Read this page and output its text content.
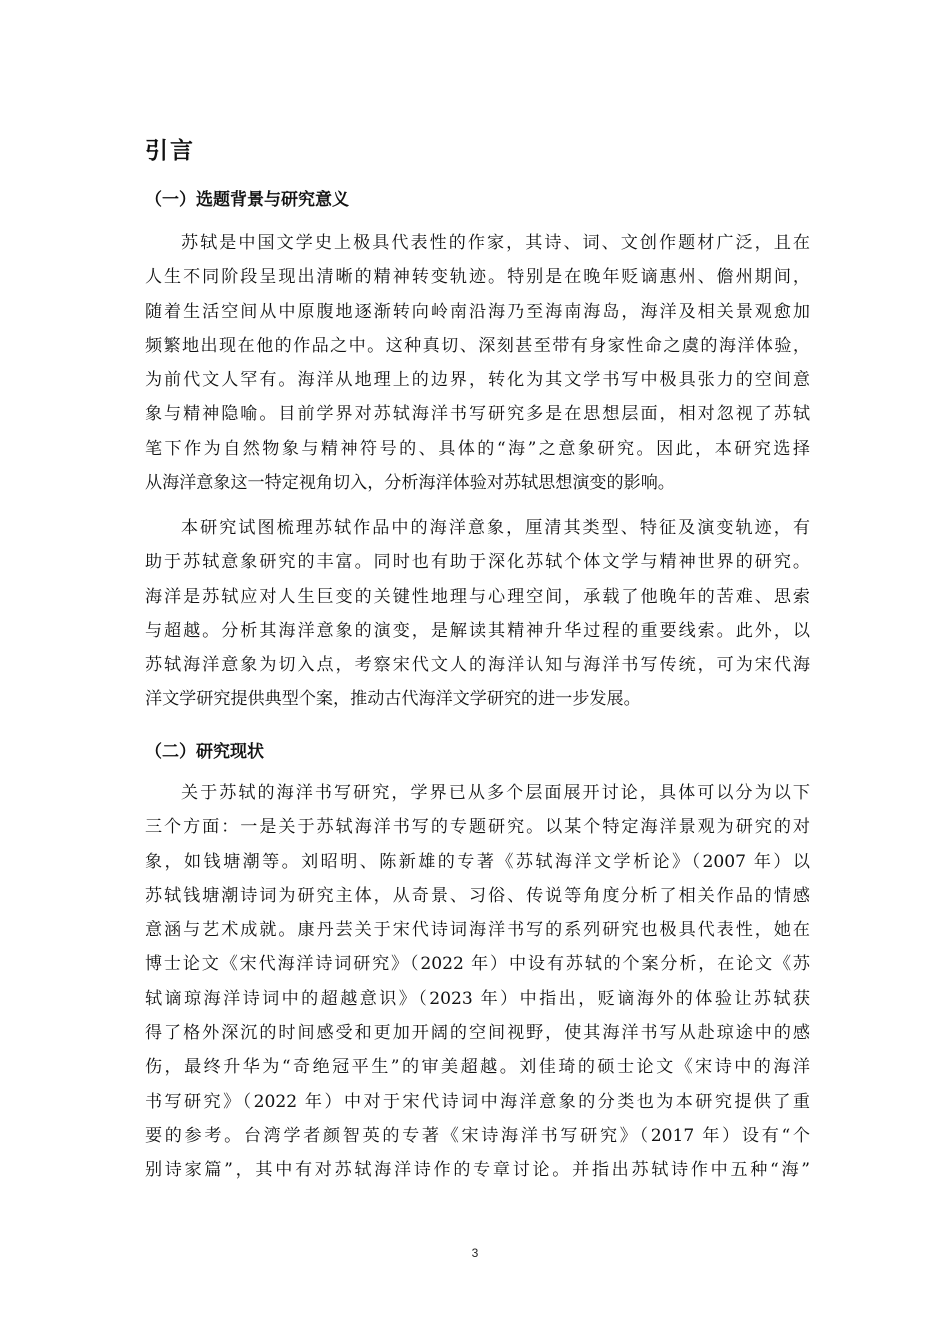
引言
（一）选题背景与研究意义
苏轼是中国文学史上极具代表性的作家，其诗、词、文创作题材广泛，且在
人生不同阶段呈现出清晰的精神转变轨迹。特别是在晚年贬谪惠州、儋州期间，
随着生活空间从中原腹地逐渐转向岭南沿海乃至海南海岛，海洋及相关景观愈加
频繁地出现在他的作品之中。这种真切、深刻甚至带有身家性命之虞的海洋体验，
为前代文人罕有。海洋从地理上的边界，转化为其文学书写中极具张力的空间意
象与精神隐喻。目前学界对苏轼海洋书写研究多是在思想层面，相对忽视了苏轼
笔下作为自然物象与精神符号的、具体的“海”之意象研究。因此，本研究选择
从海洋意象这一特定视角切入，分析海洋体验对苏轼思想演变的影响。
本研究试图梳理苏轼作品中的海洋意象，厘清其类型、特征及演变轨迹，有
助于苏轼意象研究的丰富。同时也有助于深化苏轼个体文学与精神世界的研究。
海洋是苏轼应对人生巨变的关键性地理与心理空间，承载了他晚年的苦难、思索
与超越。分析其海洋意象的演变，是解读其精神升华过程的重要线索。此外，以
苏轼海洋意象为切入点，考察宋代文人的海洋认知与海洋书写传统，可为宋代海
洋文学研究提供典型个案，推动古代海洋文学研究的进一步发展。
（二）研究现状
关于苏轼的海洋书写研究，学界已从多个层面展开讨论，具体可以分为以下
三个方面：一是关于苏轼海洋书写的专题研究。以某个特定海洋景观为研究的对
象，如钱塘潮等。刘昭明、陈新雄的专著《苏轼海洋文学析论》（2007 年）以
苏轼钱塘潮诗词为研究主体，从奇景、习俗、传说等角度分析了相关作品的情感
意涵与艺术成就。康丹芸关于宋代诗词海洋书写的系列研究也极具代表性，她在
博士论文《宋代海洋诗词研究》（2022 年）中设有苏轼的个案分析，在论文《苏
轼谪琼海洋诗词中的超越意识》（2023 年）中指出，贬谪海外的体验让苏轼获
得了格外深沉的时间感受和更加开阔的空间视野，使其海洋书写从赴琼途中的感
伤，最终升华为“奇绝冠平生”的审美超越。刘佳琦的硕士论文《宋诗中的海洋
书写研究》（2022 年）中对于宋代诗词中海洋意象的分类也为本研究提供了重
要的参考。台湾学者颜智英的专著《宋诗海洋书写研究》（2017 年）设有“个
别诗家篇”，其中有对苏轼海洋诗作的专章讨论。并指出苏轼诗作中五种“海”
3
